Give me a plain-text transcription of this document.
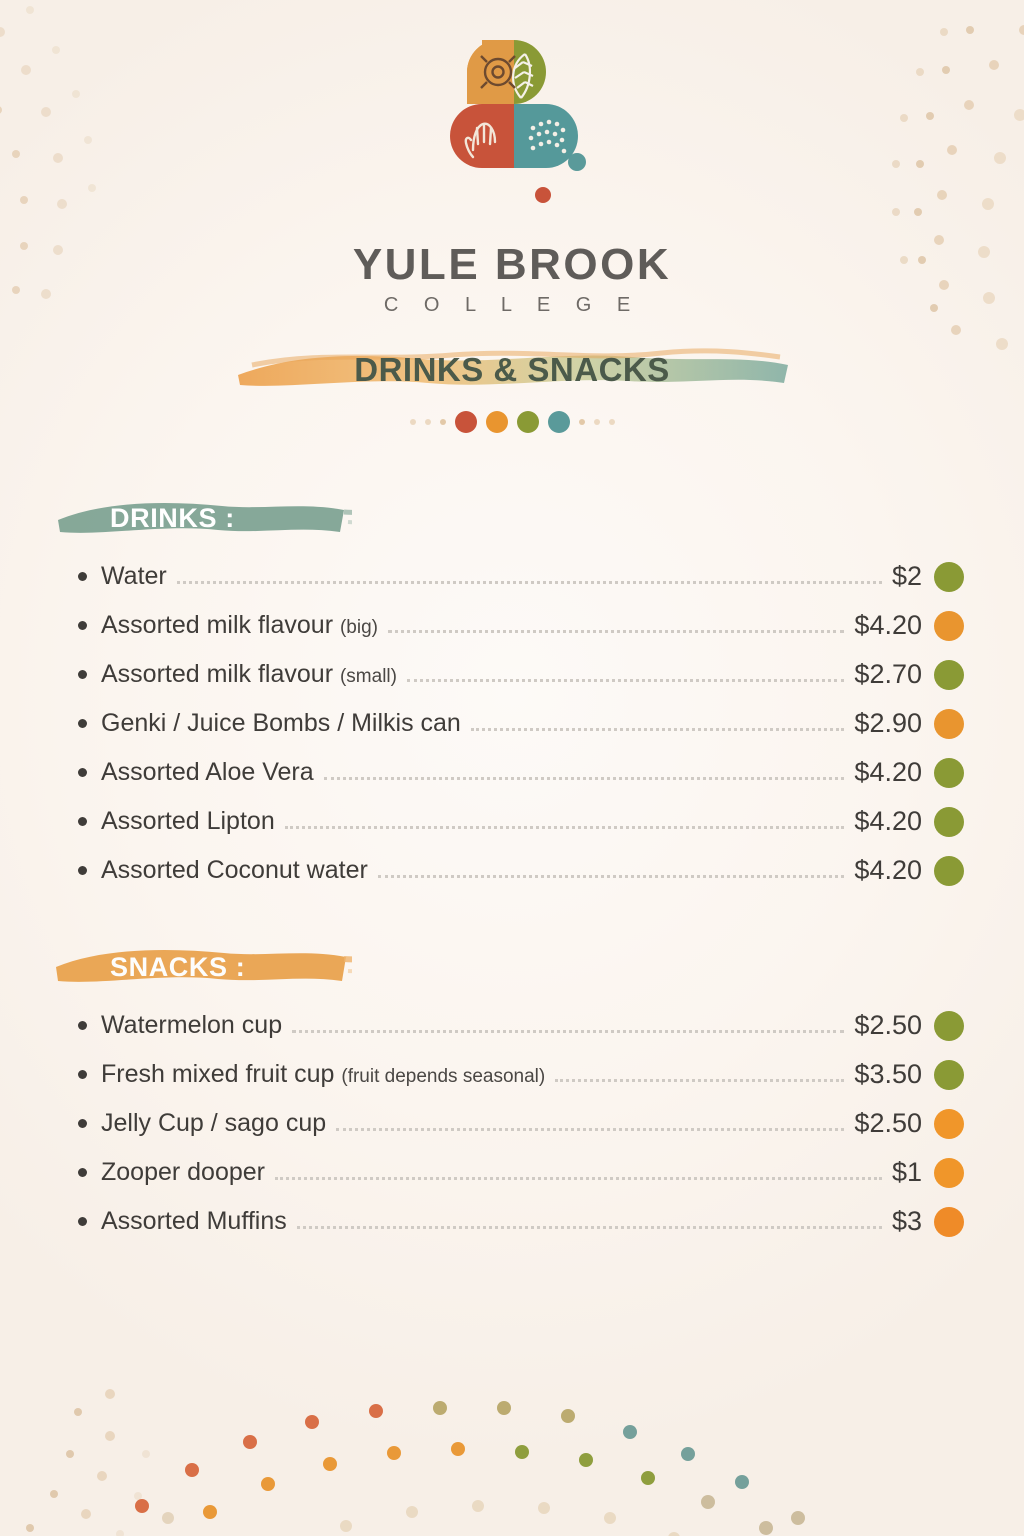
YULE BROOK
C O L L E G E
DRINKS & SNACKS
DRINKS :
Water	$2
Assorted milk flavour (big)	$4.20
Assorted milk flavour (small)	$2.70
Genki / Juice Bombs / Milkis can	$2.90
Assorted Aloe Vera	$4.20
Assorted Lipton	$4.20
Assorted Coconut water	$4.20
SNACKS :
Watermelon cup	$2.50
Fresh mixed fruit cup (fruit depends seasonal)	$3.50
Jelly Cup / sago cup	$2.50
Zooper dooper	$1
Assorted Muffins	$3
